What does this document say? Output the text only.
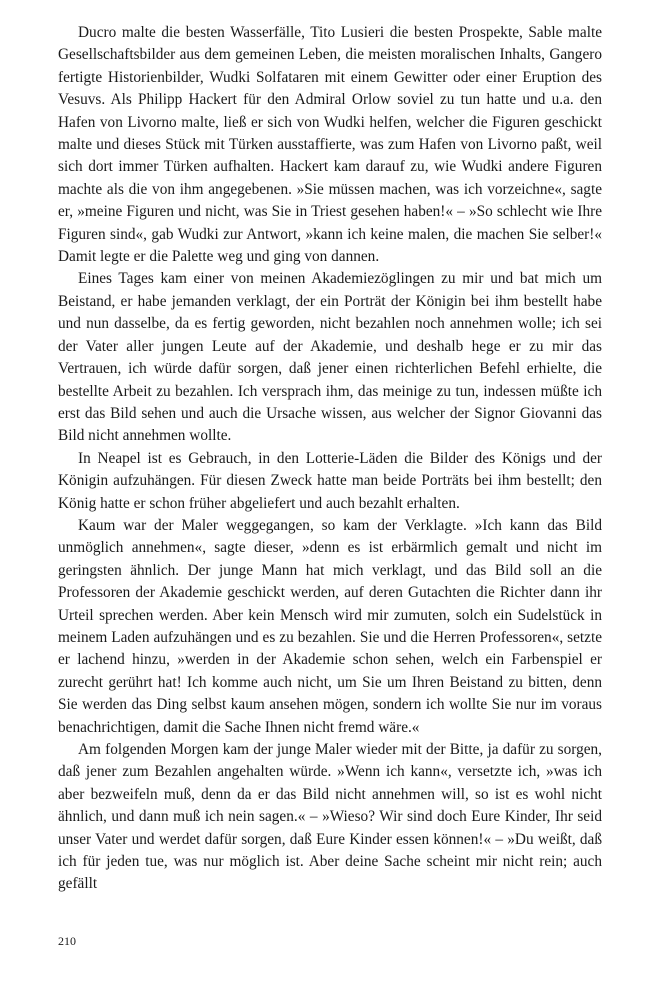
Ducro malte die besten Wasserfälle, Tito Lusieri die besten Prospekte, Sable malte Gesellschaftsbilder aus dem gemeinen Leben, die meisten moralischen Inhalts, Gangero fertigte Historienbilder, Wudki Solfataren mit einem Gewitter oder einer Eruption des Vesuvs. Als Philipp Hackert für den Admiral Orlow soviel zu tun hatte und u.a. den Hafen von Livorno malte, ließ er sich von Wudki helfen, welcher die Figuren geschickt malte und dieses Stück mit Türken ausstaffierte, was zum Hafen von Livorno paßt, weil sich dort immer Türken aufhalten. Hackert kam darauf zu, wie Wudki andere Figuren machte als die von ihm angegebenen. »Sie müssen machen, was ich vorzeichne«, sagte er, »meine Figuren und nicht, was Sie in Triest gesehen haben!« – »So schlecht wie Ihre Figuren sind«, gab Wudki zur Antwort, »kann ich keine malen, die machen Sie selber!« Damit legte er die Palette weg und ging von dannen.

Eines Tages kam einer von meinen Akademiezöglingen zu mir und bat mich um Beistand, er habe jemanden verklagt, der ein Porträt der Königin bei ihm bestellt habe und nun dasselbe, da es fertig geworden, nicht bezahlen noch annehmen wolle; ich sei der Vater aller jungen Leute auf der Akademie, und deshalb hege er zu mir das Vertrauen, ich würde dafür sorgen, daß jener einen richterlichen Befehl erhielte, die bestellte Arbeit zu bezahlen. Ich versprach ihm, das meinige zu tun, indessen müßte ich erst das Bild sehen und auch die Ursache wissen, aus welcher der Signor Giovanni das Bild nicht annehmen wollte.

In Neapel ist es Gebrauch, in den Lotterie-Läden die Bilder des Königs und der Königin aufzuhängen. Für diesen Zweck hatte man beide Porträts bei ihm bestellt; den König hatte er schon früher abgeliefert und auch bezahlt erhalten.

Kaum war der Maler weggegangen, so kam der Verklagte. »Ich kann das Bild unmöglich annehmen«, sagte dieser, »denn es ist erbärmlich gemalt und nicht im geringsten ähnlich. Der junge Mann hat mich verklagt, und das Bild soll an die Professoren der Akademie geschickt werden, auf deren Gutachten die Richter dann ihr Urteil sprechen werden. Aber kein Mensch wird mir zumuten, solch ein Sudelstück in meinem Laden aufzuhängen und es zu bezahlen. Sie und die Herren Professoren«, setzte er lachend hinzu, »werden in der Akademie schon sehen, welch ein Farbenspiel er zurecht gerührt hat! Ich komme auch nicht, um Sie um Ihren Beistand zu bitten, denn Sie werden das Ding selbst kaum ansehen mögen, sondern ich wollte Sie nur im voraus benachrichtigen, damit die Sache Ihnen nicht fremd wäre.«

Am folgenden Morgen kam der junge Maler wieder mit der Bitte, ja dafür zu sorgen, daß jener zum Bezahlen angehalten würde. »Wenn ich kann«, versetzte ich, »was ich aber bezweifeln muß, denn da er das Bild nicht annehmen will, so ist es wohl nicht ähnlich, und dann muß ich nein sagen.« – »Wieso? Wir sind doch Eure Kinder, Ihr seid unser Vater und werdet dafür sorgen, daß Eure Kinder essen können!« – »Du weißt, daß ich für jeden tue, was nur möglich ist. Aber deine Sache scheint mir nicht rein; auch gefällt

210
